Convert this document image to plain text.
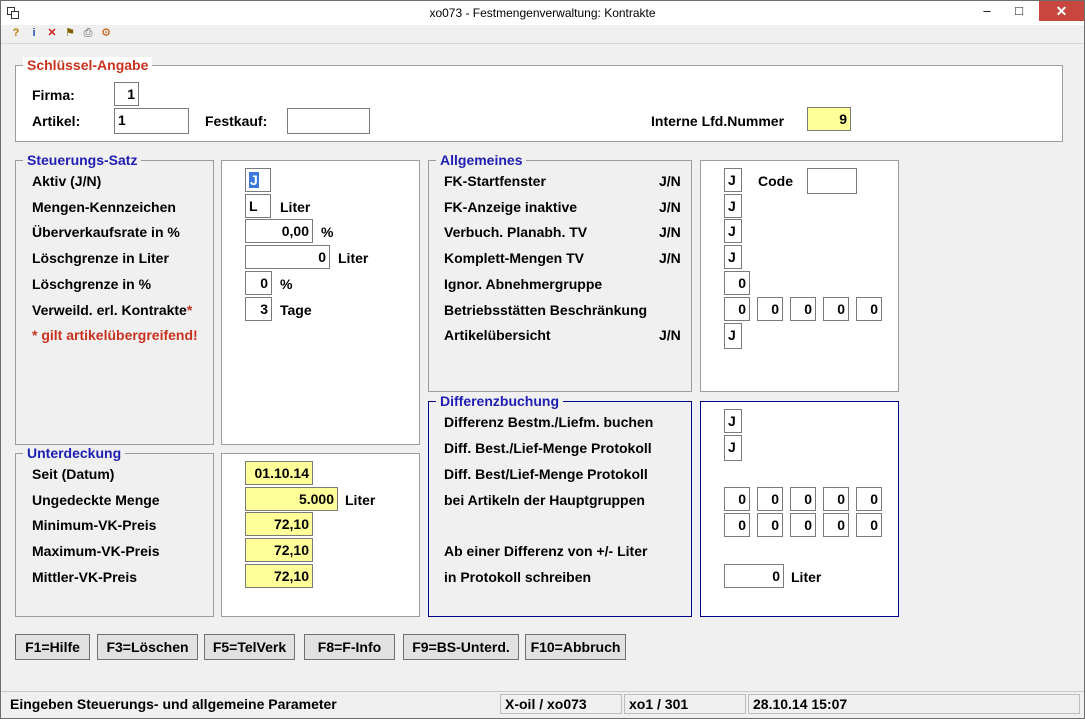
xo073 - Festmengenverwaltung: Kontrakte	–	□	✕
?	i	✕ ⚑ ⎙ ⚙
Schlüssel-Angabe
Firma:	1
Artikel:	1	Festkauf:	Interne Lfd.Nummer	9
Steuerungs-Satz
Aktiv (J/N)	J
Mengen-Kennzeichen	L	Liter
Überverkaufsrate in %	0,00 %
Löschgrenze in Liter	0 Liter
Löschgrenze in %	0 %
Verweild. erl. Kontrakte*	3 Tage
* gilt artikelübergreifend!
Allgemeines
FK-Startfenster	J/N	J	Code
FK-Anzeige inaktive	J/N	J
Verbuch. Planabh. TV	J/N	J
Komplett-Mengen TV	J/N	J
Ignor. Abnehmergruppe	0
Betriebsstätten Beschränkung	0	0	0	0	0
Artikelübersicht	J/N	J
Unterdeckung
Seit (Datum)	01.10.14
Ungedeckte Menge	5.000 Liter
Minimum-VK-Preis	72,10
Maximum-VK-Preis	72,10
Mittler-VK-Preis	72,10
Differenzbuchung
Differenz Bestm./Liefm. buchen	J
Diff. Best./Lief-Menge Protokoll	J
Diff. Best/Lief-Menge Protokoll
bei Artikeln der Hauptgruppen	0	0	0	0	0
0	0	0	0	0
Ab einer Differenz von +/- Liter
in Protokoll schreiben	0 Liter
F1=Hilfe	F3=Löschen	F5=TelVerk	F8=F-Info	F9=BS-Unterd.	F10=Abbruch
Eingeben Steuerungs- und allgemeine Parameter	X-oil / xo073	xo1 / 301	28.10.14 15:07
